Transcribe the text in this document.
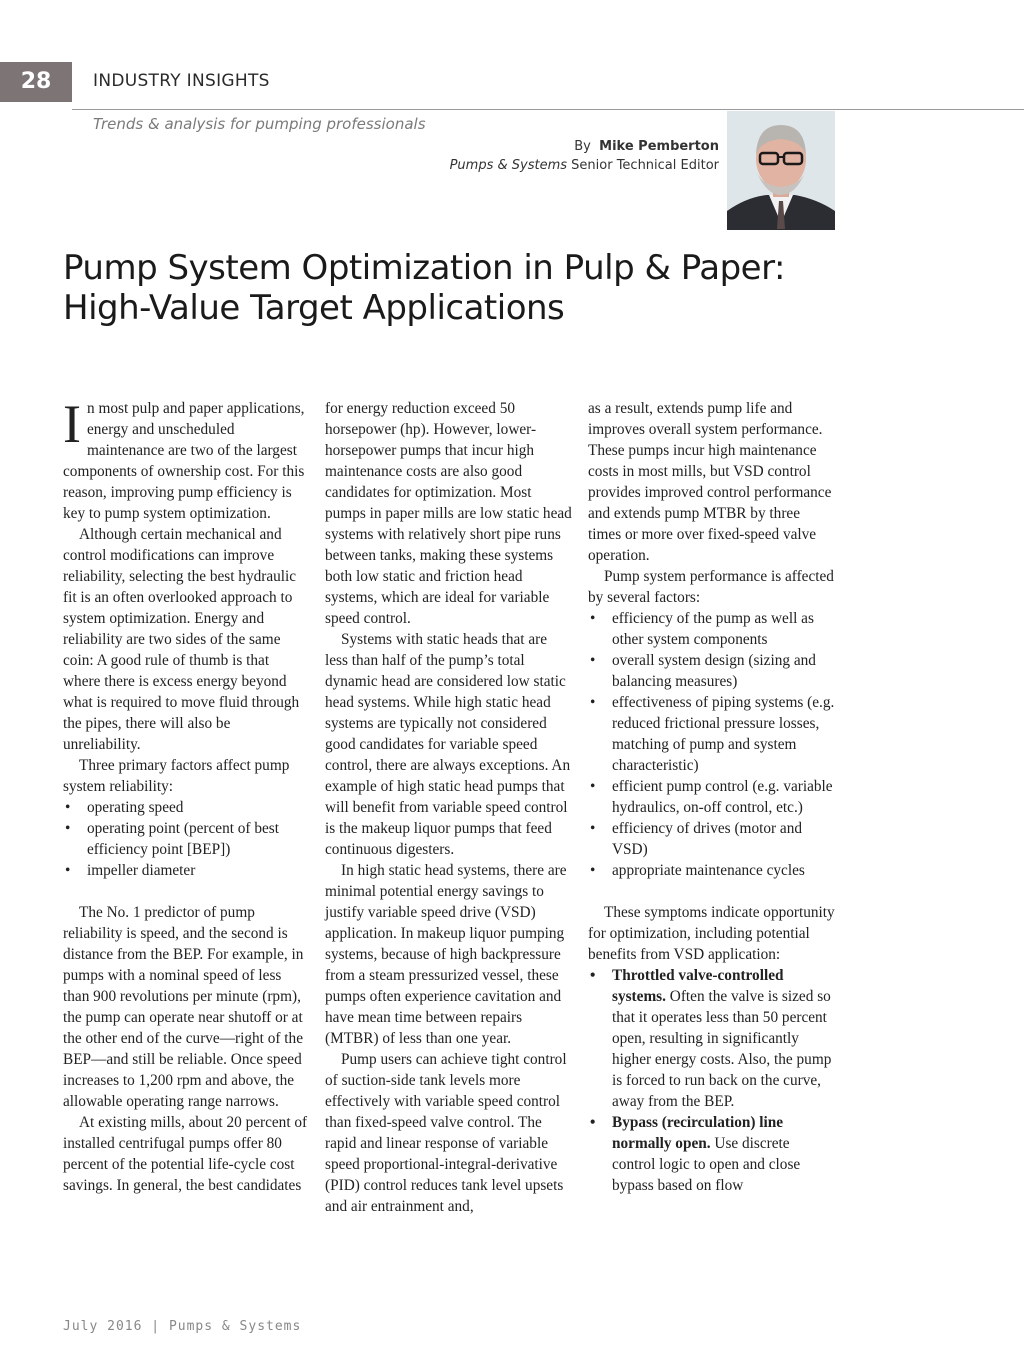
28	INDUSTRY INSIGHTS
Trends & analysis for pumping professionals
By Mike Pemberton
Pumps & Systems Senior Technical Editor
Pump System Optimization in Pulp & Paper:
High-Value Target Applications

In most pulp and paper applications, energy and unscheduled maintenance are two of the largest components of ownership cost. For this reason, improving pump efficiency is key to pump system optimization.

Although certain mechanical and control modifications can improve reliability, selecting the best hydraulic fit is an often overlooked approach to system optimization. Energy and reliability are two sides of the same coin: A good rule of thumb is that where there is excess energy beyond what is required to move fluid through the pipes, there will also be unreliability.

Three primary factors affect pump system reliability:

• operating speed
• operating point (percent of best efficiency point [BEP])
• impeller diameter

The No. 1 predictor of pump reliability is speed, and the second is distance from the BEP. For example, in pumps with a nominal speed of less than 900 revolutions per minute (rpm), the pump can operate near shutoff or at the other end of the curve—right of the BEP—and still be reliable. Once speed increases to 1,200 rpm and above, the allowable operating range narrows.

At existing mills, about 20 percent of installed centrifugal pumps offer 80 percent of the potential life-cycle cost savings. In general, the best candidates

for energy reduction exceed 50 horsepower (hp). However, lower-horsepower pumps that incur high maintenance costs are also good candidates for optimization. Most pumps in paper mills are low static head systems with relatively short pipe runs between tanks, making these systems both low static and friction head systems, which are ideal for variable speed control.

Systems with static heads that are less than half of the pump’s total dynamic head are considered low static head systems. While high static head systems are typically not considered good candidates for variable speed control, there are always exceptions. An example of high static head pumps that will benefit from variable speed control is the makeup liquor pumps that feed continuous digesters.

In high static head systems, there are minimal potential energy savings to justify variable speed drive (VSD) application. In makeup liquor pumping systems, because of high backpressure from a steam pressurized vessel, these pumps often experience cavitation and have mean time between repairs (MTBR) of less than one year.

Pump users can achieve tight control of suction-side tank levels more effectively with variable speed control than fixed-speed valve control. The rapid and linear response of variable speed proportional-integral-derivative (PID) control reduces tank level upsets and air entrainment and,

as a result, extends pump life and improves overall system performance. These pumps incur high maintenance costs in most mills, but VSD control provides improved control performance and extends pump MTBR by three times or more over fixed-speed valve operation.

Pump system performance is affected by several factors:

• efficiency of the pump as well as other system components
• overall system design (sizing and balancing measures)
• effectiveness of piping systems (e.g. reduced frictional pressure losses, matching of pump and system characteristic)
• efficient pump control (e.g. variable hydraulics, on-off control, etc.)
• efficiency of drives (motor and VSD)
• appropriate maintenance cycles

These symptoms indicate opportunity for optimization, including potential benefits from VSD application:

• Throttled valve-controlled systems. Often the valve is sized so that it operates less than 50 percent open, resulting in significantly higher energy costs. Also, the pump is forced to run back on the curve, away from the BEP.
• Bypass (recirculation) line normally open. Use discrete control logic to open and close bypass based on flow
July 2016 | Pumps & Systems
